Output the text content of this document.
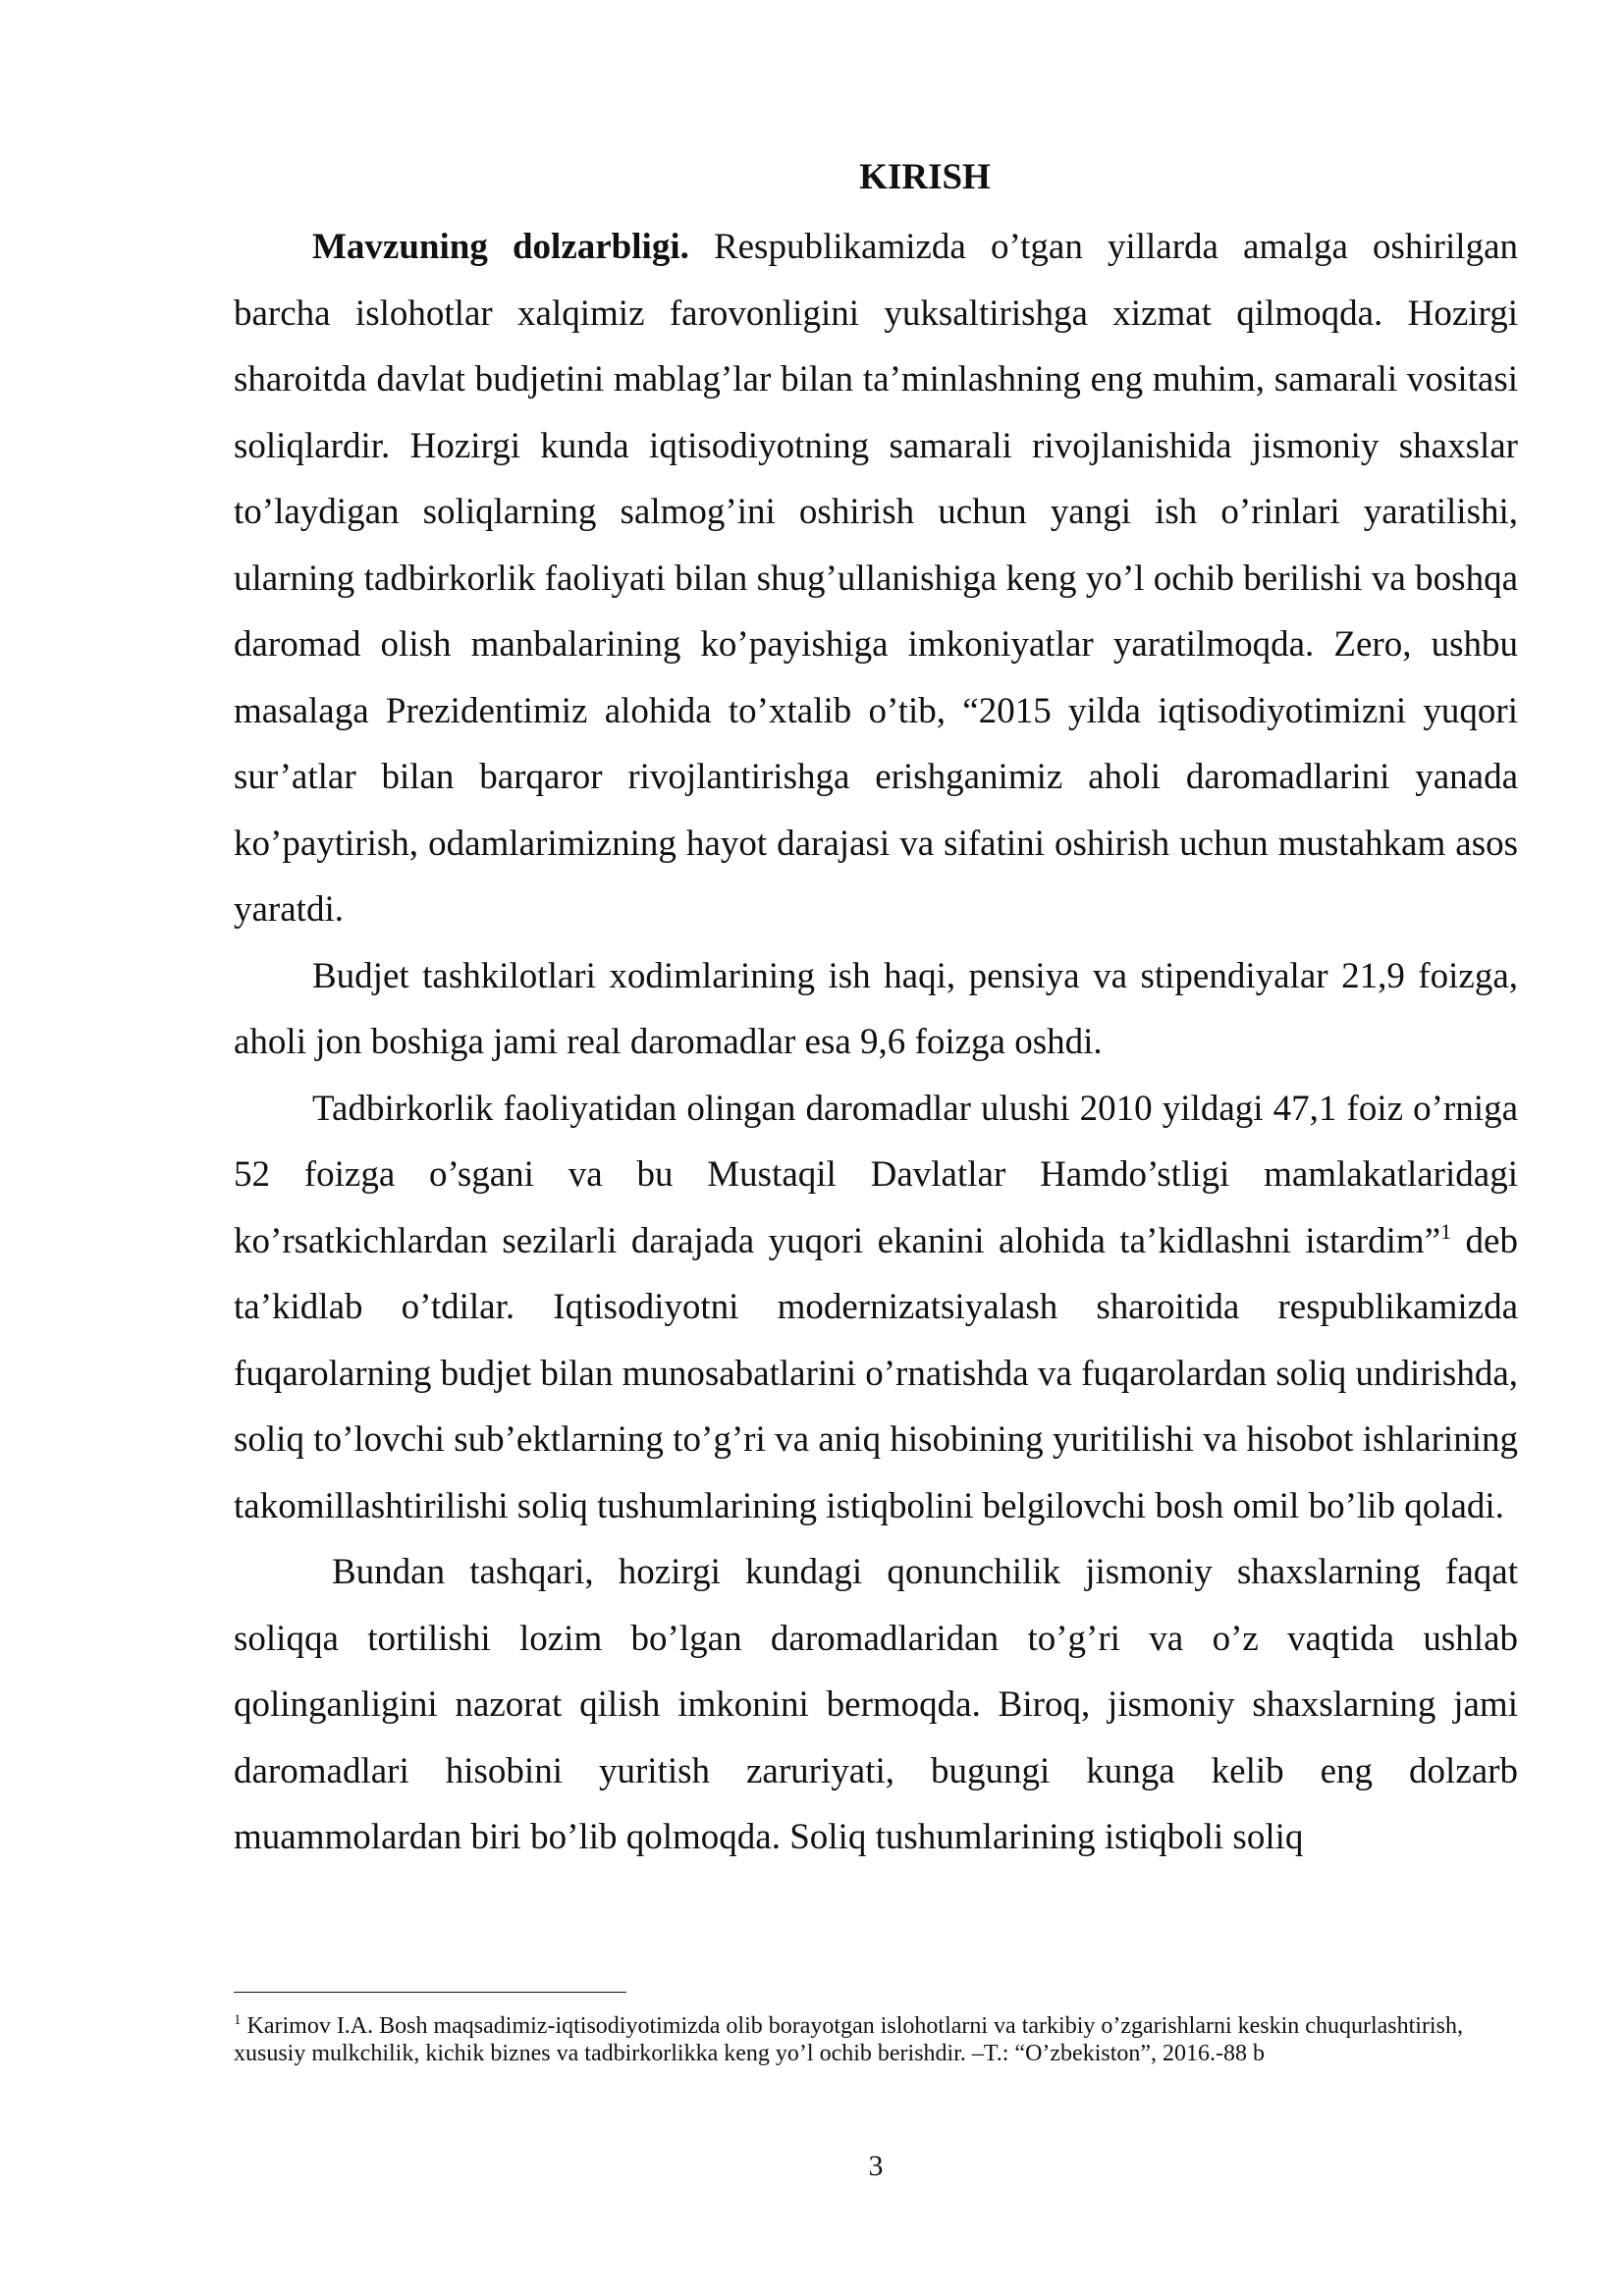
KIRISH

Mavzuning dolzarbligi. Respublikamizda o’tgan yillarda amalga oshirilgan barcha islohotlar xalqimiz farovonligini yuksaltirishga xizmat qilmoqda. Hozirgi sharoitda davlat budjetini mablag’lar bilan ta’minlashning eng muhim, samarali vositasi soliqlardir. Hozirgi kunda iqtisodiyotning samarali rivojlanishida jismoniy shaxslar to’laydigan soliqlarning salmog’ini oshirish uchun yangi ish o’rinlari yaratilishi, ularning tadbirkorlik faoliyati bilan shug’ullanishiga keng yo’l ochib berilishi va boshqa daromad olish manbalarining ko’payishiga imkoniyatlar yaratilmoqda. Zero, ushbu masalaga Prezidentimiz alohida to’xtalib o’tib, “2015 yilda iqtisodiyotimizni yuqori sur’atlar bilan barqaror rivojlantirishga erishganimiz aholi daromadlarini yanada ko’paytirish, odamlarimizning hayot darajasi va sifatini oshirish uchun mustahkam asos yaratdi.

Budjet tashkilotlari xodimlarining ish haqi, pensiya va stipendiyalar 21,9 foizga, aholi jon boshiga jami real daromadlar esa 9,6 foizga oshdi.

Tadbirkorlik faoliyatidan olingan daromadlar ulushi 2010 yildagi 47,1 foiz o’rniga 52 foizga o’sgani va bu Mustaqil Davlatlar Hamdo’stligi mamlakatlaridagi ko’rsatkichlardan sezilarli darajada yuqori ekanini alohida ta’kidlashni istardim”$^1$ deb ta’kidlab o’tdilar. Iqtisodiyotni modernizatsiyalash sharoitida respublikamizda fuqarolarning budjet bilan munosabatlarini o’rnatishda va fuqarolardan soliq undirishda, soliq to’lovchi sub’ektlarning to’g’ri va aniq hisobining yuritilishi va hisobot ishlarining takomillashtirilishi soliq tushumlarining istiqbolini belgilovchi bosh omil bo’lib qoladi.

Bundan tashqari, hozirgi kundagi qonunchilik jismoniy shaxslarning faqat soliqqa tortilishi lozim bo’lgan daromadlaridan to’g’ri va o’z vaqtida ushlab qolinganligini nazorat qilish imkonini bermoqda. Biroq, jismoniy shaxslarning jami daromadlari hisobini yuritish zaruriyati, bugungi kunga kelib eng dolzarb muammolardan biri bo’lib qolmoqda. Soliq tushumlarining istiqboli soliq

$^1$ Karimov I.A. Bosh maqsadimiz-iqtisodiyotimizda olib borayotgan islohotlarni va tarkibiy o’zgarishlarni keskin chuqurlashtirish, xususiy mulkchilik, kichik biznes va tadbirkorlikka keng yo’l ochib berishdir. –T.: “O’zbekiston”, 2016.-88 b
3
